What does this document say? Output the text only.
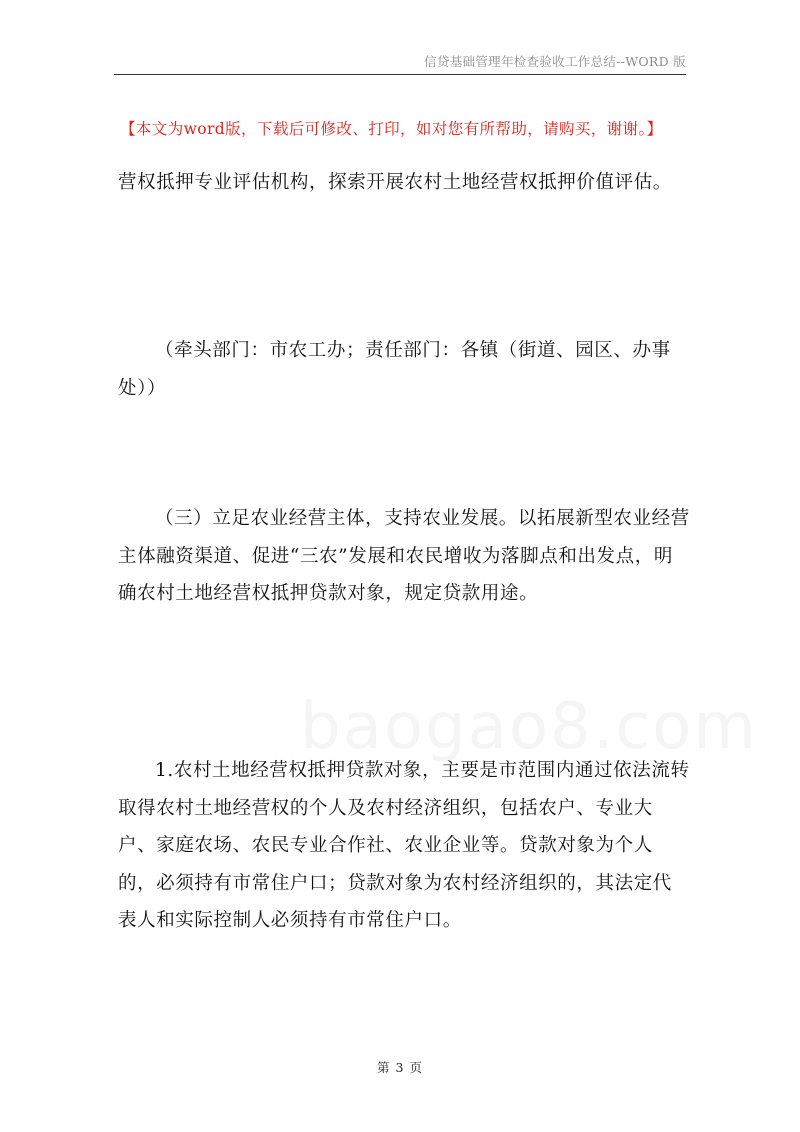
信贷基础管理年检查验收工作总结--WORD 版
【本文为word版，下载后可修改、打印，如对您有所帮助，请购买，谢谢。】

营权抵押专业评估机构，探索开展农村土地经营权抵押价值评估。

（牵头部门：市农工办；责任部门：各镇（街道、园区、办事处））

（三）立足农业经营主体，支持农业发展。以拓展新型农业经营主体融资渠道、促进“三农”发展和农民增收为落脚点和出发点，明确农村土地经营权抵押贷款对象，规定贷款用途。

baogao8.com

1.农村土地经营权抵押贷款对象，主要是市范围内通过依法流转取得农村土地经营权的个人及农村经济组织，包括农户、专业大户、家庭农场、农民专业合作社、农业企业等。贷款对象为个人的，必须持有市常住户口；贷款对象为农村经济组织的，其法定代表人和实际控制人必须持有市常住户口。

第 3 页
